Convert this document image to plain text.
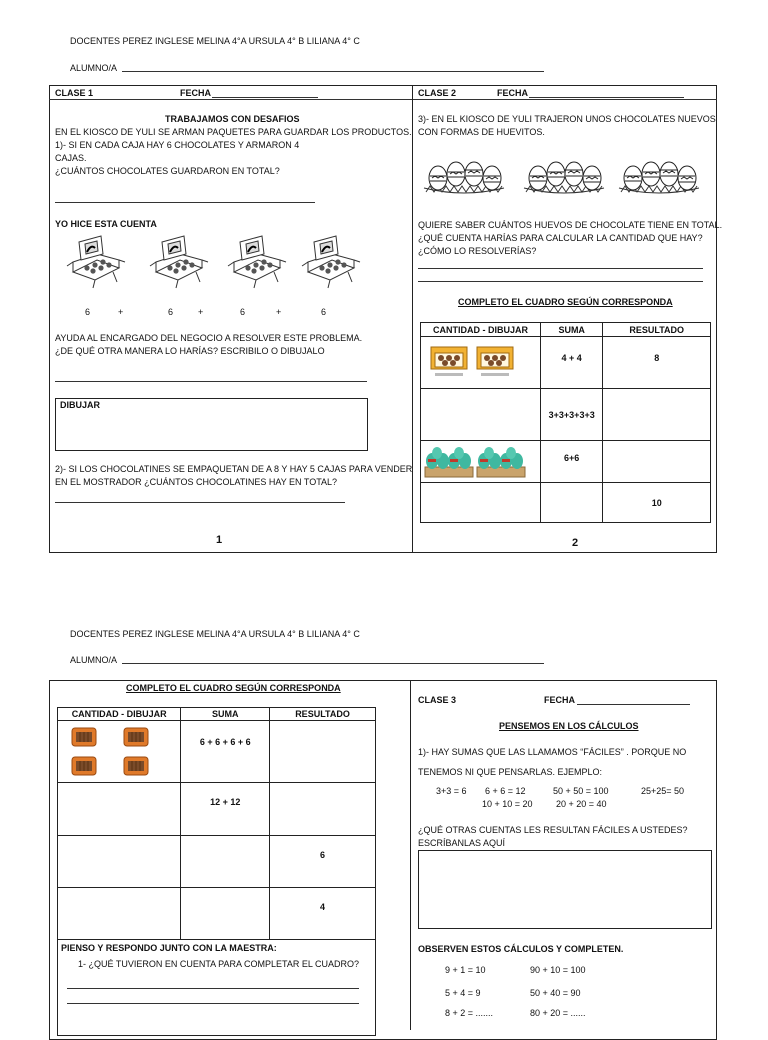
DOCENTES PEREZ INGLESE MELINA 4°A URSULA 4° B LILIANA 4° C
ALUMNO/A
CLASE 1	FECHA
TRABAJAMOS CON DESAFIOS
EN EL KIOSCO DE YULI SE ARMAN PAQUETES PARA GUARDAR LOS PRODUCTOS.
1)- SI EN CADA CAJA HAY 6 CHOCOLATES Y ARMARON 4
CAJAS.
¿CUÁNTOS CHOCOLATES GUARDARON EN TOTAL?
YO HICE ESTA CUENTA
6	+	6	+	6	+	6
AYUDA AL ENCARGADO DEL NEGOCIO A RESOLVER ESTE PROBLEMA.
¿DE QUÉ OTRA MANERA LO HARÍAS? ESCRIBILO O DIBUJALO
DIBUJAR
2)- SI LOS CHOCOLATINES SE EMPAQUETAN DE A 8 Y HAY 5 CAJAS PARA VENDER
EN EL MOSTRADOR ¿CUÁNTOS CHOCOLATINES HAY EN TOTAL?
1
CLASE 2	FECHA
3)- EN EL KIOSCO DE YULI TRAJERON UNOS CHOCOLATES NUEVOS
CON FORMAS DE HUEVITOS.
QUIERE SABER CUÁNTOS HUEVOS DE CHOCOLATE TIENE EN TOTAL.
¿QUÉ CUENTA HARÍAS PARA CALCULAR LA CANTIDAD QUE HAY?
¿CÓMO LO RESOLVERÍAS?
COMPLETO EL CUADRO SEGÚN CORRESPONDA
CANTIDAD - DIBUJAR	SUMA	RESULTADO

	4 + 4	8
	3+3+3+3+3	

	6+6	
		10
2
DOCENTES PEREZ INGLESE MELINA 4°A URSULA 4° B LILIANA 4° C
ALUMNO/A
COMPLETO EL CUADRO SEGÚN CORRESPONDA
CANTIDAD - DIBUJAR	SUMA	RESULTADO

	6 + 6 + 6 + 6	
	12 + 12	
		6
		4
PIENSO Y RESPONDO JUNTO CON LA MAESTRA:
1- ¿QUÉ TUVIERON EN CUENTA PARA COMPLETAR EL CUADRO?
CLASE 3	FECHA
PENSEMOS EN LOS CÁLCULOS
1)- HAY SUMAS QUE LAS LLAMAMOS “FÁCILES” . PORQUE NO
TENEMOS NI QUE PENSARLAS. EJEMPLO:
3+3 = 6 6 + 6 = 12	50 + 50 = 100	25+25= 50
10 + 10 = 20	20 + 20 = 40
¿QUÉ OTRAS CUENTAS LES RESULTAN FÁCILES A USTEDES?
ESCRÍBANLAS AQUÍ
OBSERVEN ESTOS CÁLCULOS Y COMPLETEN.
9 + 1 = 10	90 + 10 = 100
5 + 4 = 9	50 + 40 = 90
8 + 2 = .......	80 + 20 = ......
